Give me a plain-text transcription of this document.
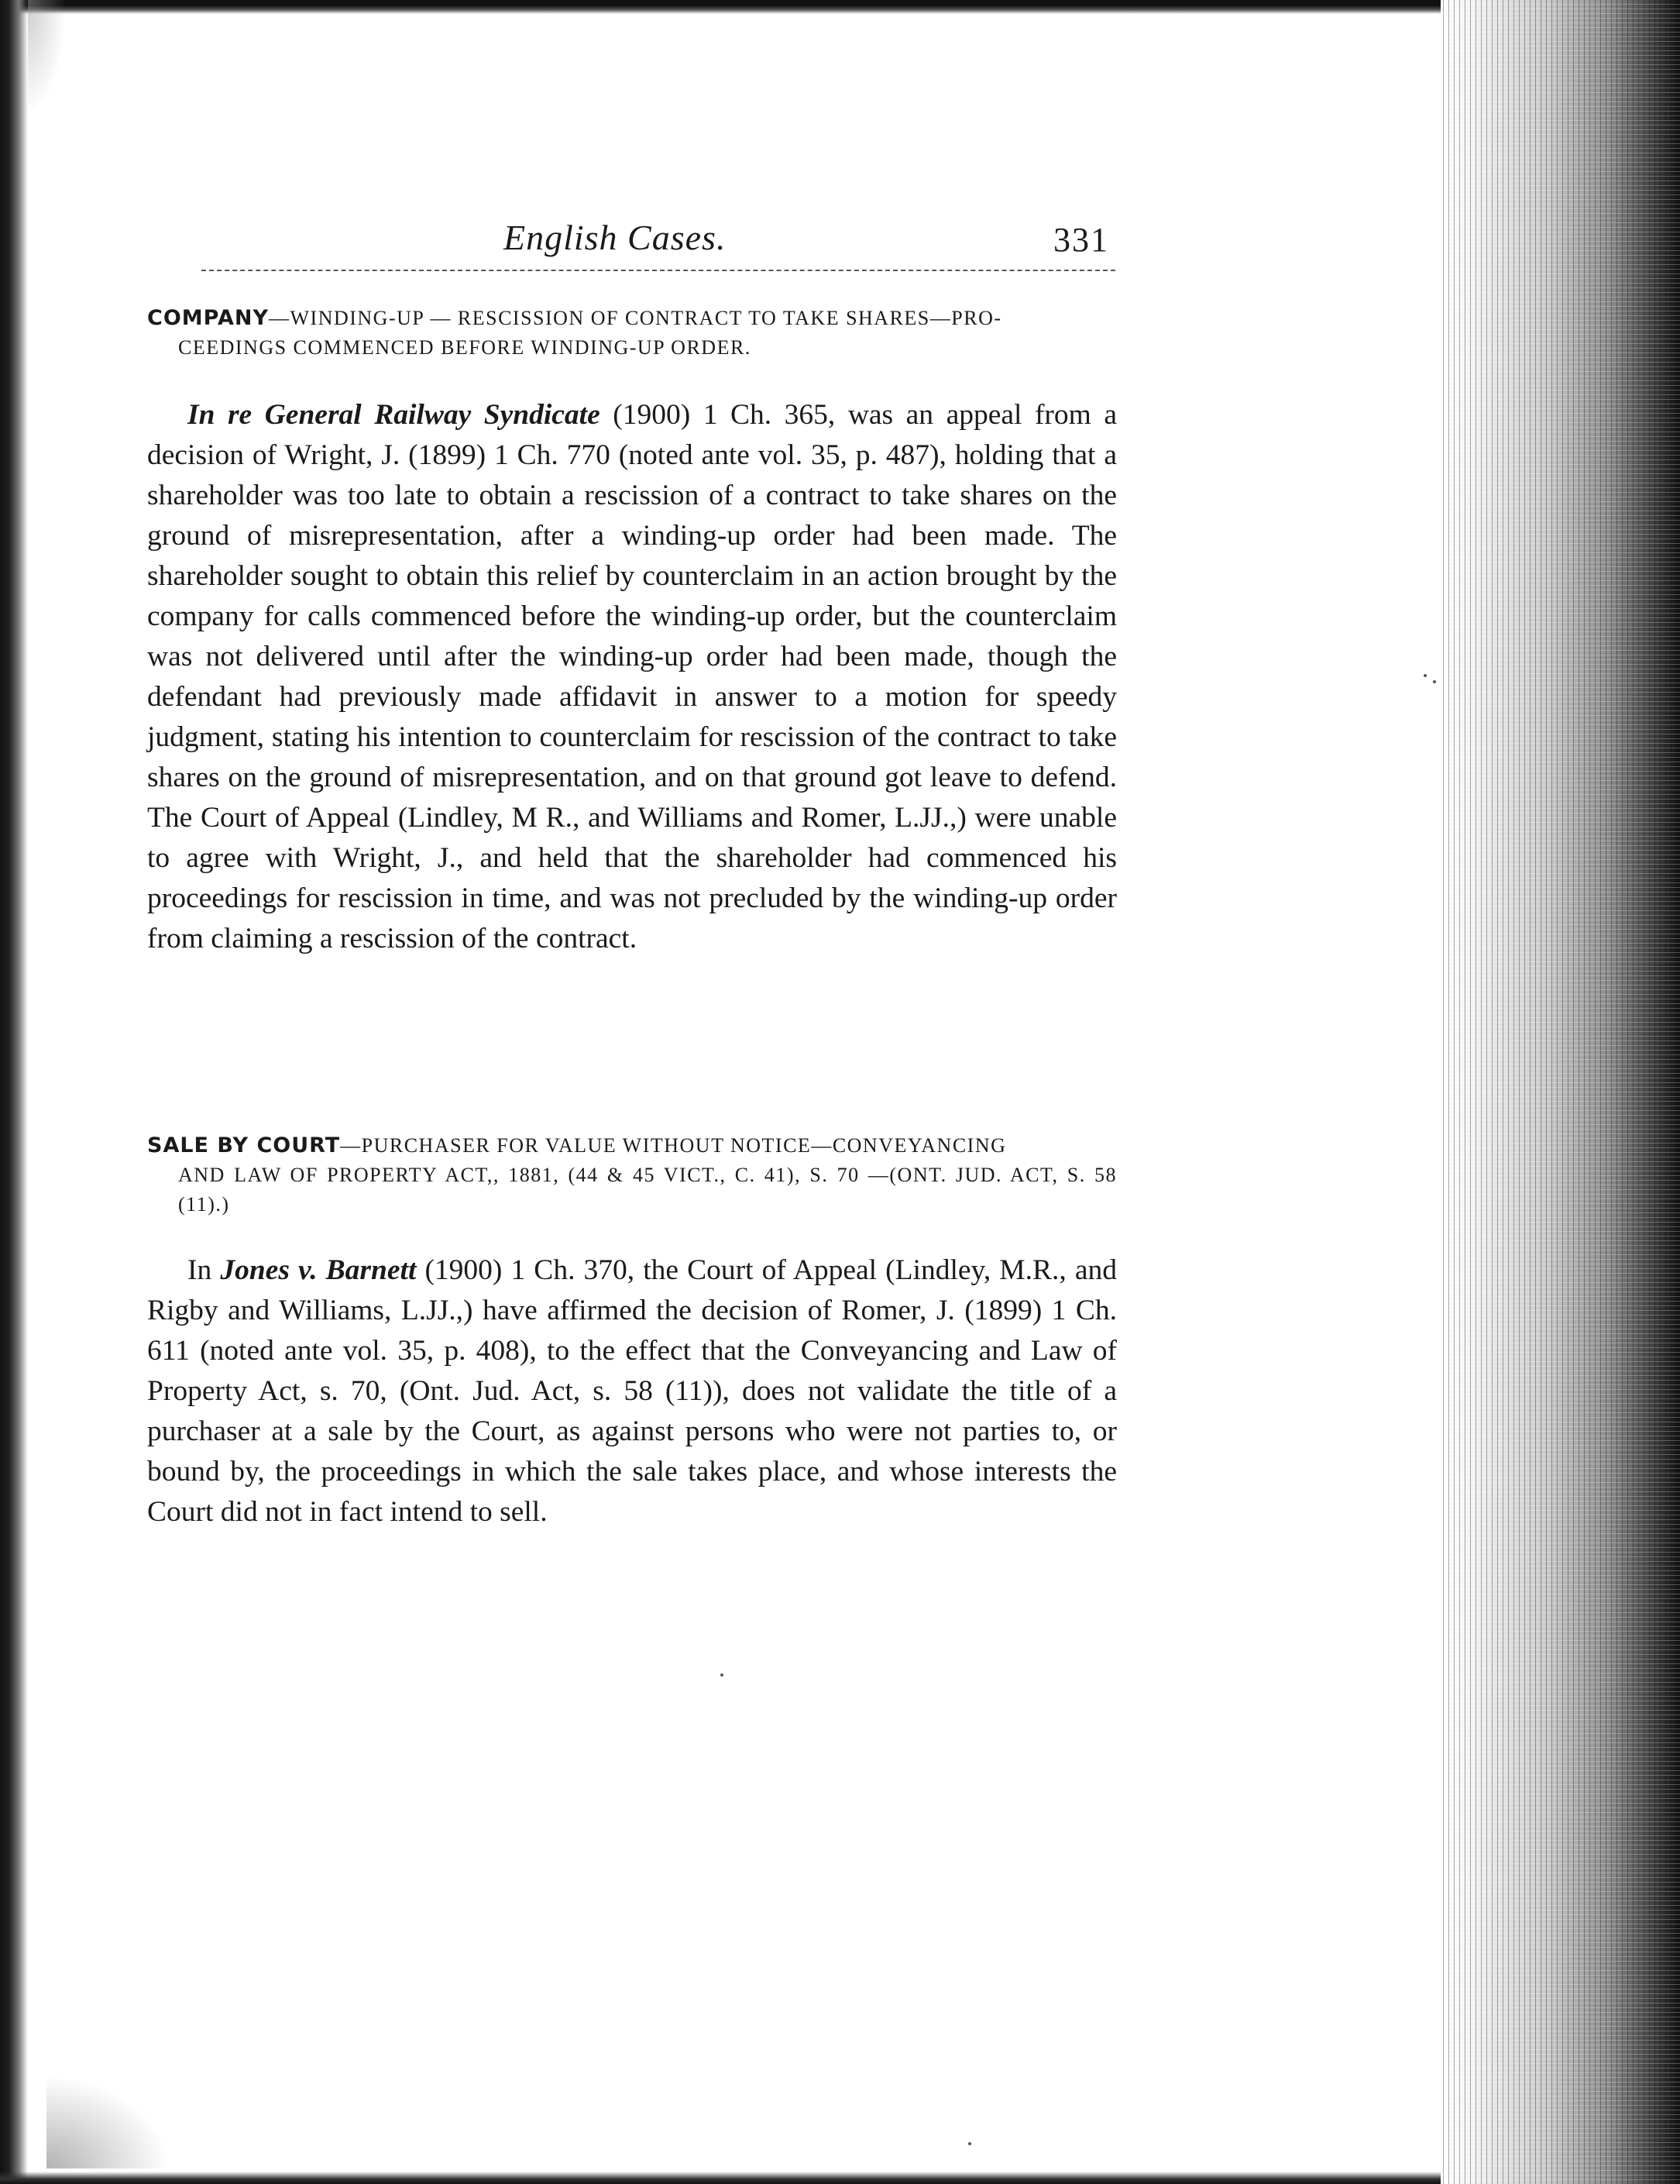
English Cases.	331
COMPANY—WINDING-UP — RESCISSION OF CONTRACT TO TAKE SHARES—PRO-
CEEDINGS COMMENCED BEFORE WINDING-UP ORDER.

In re General Railway Syndicate (1900) 1 Ch. 365, was an appeal from a decision of Wright, J. (1899) 1 Ch. 770 (noted ante vol. 35, p. 487), holding that a shareholder was too late to obtain a rescission of a contract to take shares on the ground of misrepresentation, after a winding-up order had been made. The shareholder sought to obtain this relief by counterclaim in an action brought by the company for calls commenced before the winding-up order, but the counterclaim was not delivered until after the winding-up order had been made, though the defendant had previously made affidavit in answer to a motion for speedy judgment, stating his intention to counterclaim for rescission of the contract to take shares on the ground of misrepresentation, and on that ground got leave to defend. The Court of Appeal (Lindley, M R., and Williams and Romer, L.JJ.,) were unable to agree with Wright, J., and held that the shareholder had commenced his proceedings for rescission in time, and was not precluded by the winding-up order from claiming a rescission of the contract.

SALE BY COURT—PURCHASER FOR VALUE WITHOUT NOTICE—CONVEYANCING
AND LAW OF PROPERTY ACT,, 1881, (44 & 45 VICT., C. 41), S. 70 —(ONT. JUD. ACT, S. 58 (11).)

In Jones v. Barnett (1900) 1 Ch. 370, the Court of Appeal (Lindley, M.R., and Rigby and Williams, L.JJ.,) have affirmed the decision of Romer, J. (1899) 1 Ch. 611 (noted ante vol. 35, p. 408), to the effect that the Conveyancing and Law of Property Act, s. 70, (Ont. Jud. Act, s. 58 (11)), does not validate the title of a purchaser at a sale by the Court, as against persons who were not parties to, or bound by, the proceedings in which the sale takes place, and whose interests the Court did not in fact intend to sell.
